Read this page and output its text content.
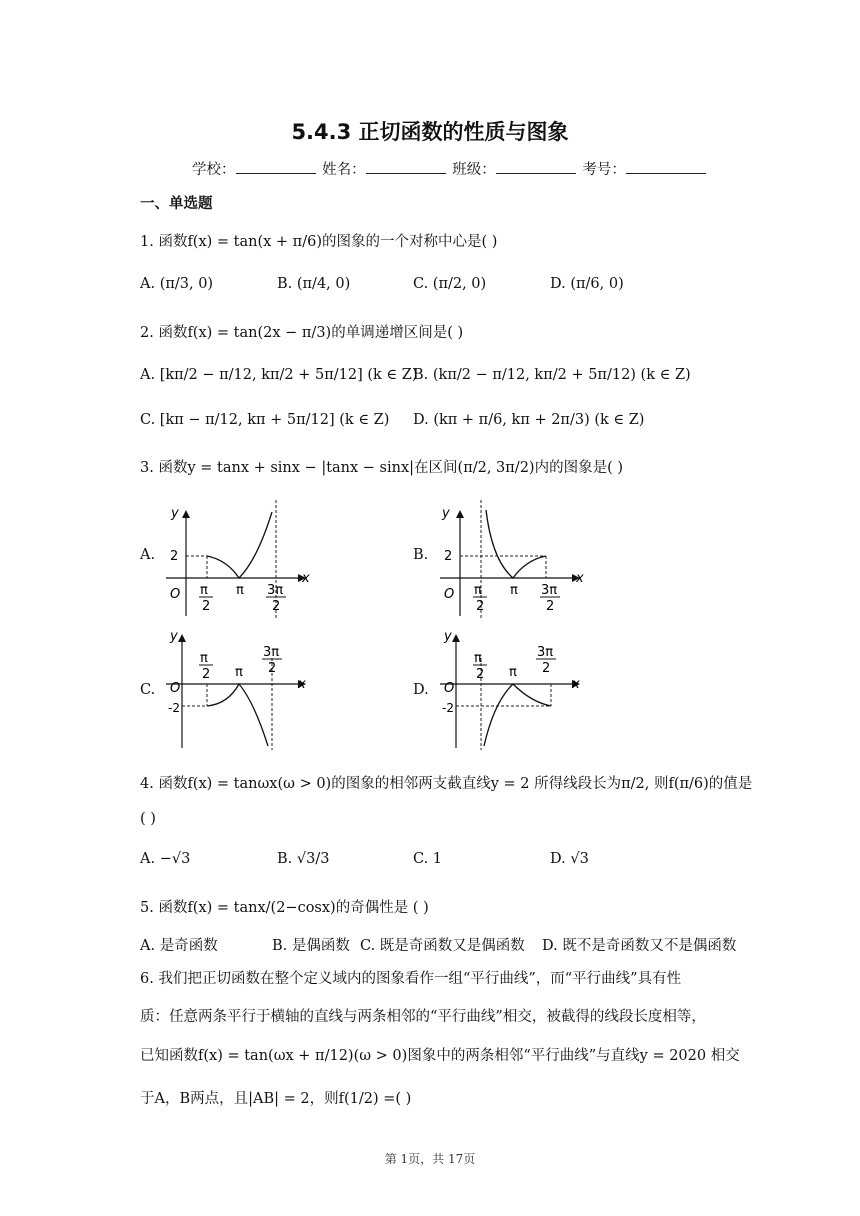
5.4.3 正切函数的性质与图象
学校：	姓名：	班级：	考号：
一、单选题
1. 函数f(x) = tan(x + π/6)的图象的一个对称中心是( )
A. (π/3, 0)	B. (π/4, 0)	C. (π/2, 0)	D. (π/6, 0)
2. 函数f(x) = tan(2x − π/3)的单调递增区间是( )
A. [kπ/2 − π/12, kπ/2 + 5π/12] (k ∈ Z)
B. (kπ/2 − π/12, kπ/2 + 5π/12) (k ∈ Z)
C. [kπ − π/12, kπ + 5π/12] (k ∈ Z) D. (kπ + π/6, kπ + 2π/3) (k ∈ Z)
3. 函数y = tanx + sinx − |tanx − sinx|在区间(π/2, 3π/2)内的图象是( )
A.	B.
C.	D.
y
x
O
2
π
2
π 3π
2
y
x
O
2
π
2
π 3π
2
y
x
O
-2
π
2 π
3π
2
y
x
O
-2
π
2 π
3π
2
4. 函数f(x) = tanωx(ω > 0)的图象的相邻两支截直线y = 2 所得线段长为π/2, 则f(π/6)的值是
( )
A. −√3	B. √3/3	C. 1	D. √3
5. 函数f(x) = tanx/(2−cosx)的奇偶性是 ( )
A. 是奇函数	B. 是偶函数 C. 既是奇函数又是偶函数 D. 既不是奇函数又不是偶函数
6. 我们把正切函数在整个定义域内的图象看作一组“平行曲线”，而“平行曲线”具有性
质：任意两条平行于横轴的直线与两条相邻的“平行曲线”相交，被截得的线段长度相等，
已知函数f(x) = tan(ωx + π/12)(ω > 0)图象中的两条相邻“平行曲线”与直线y = 2020 相交
于A，B两点，且|AB| = 2，则f(1/2) =( )
第 1页，共 17页
